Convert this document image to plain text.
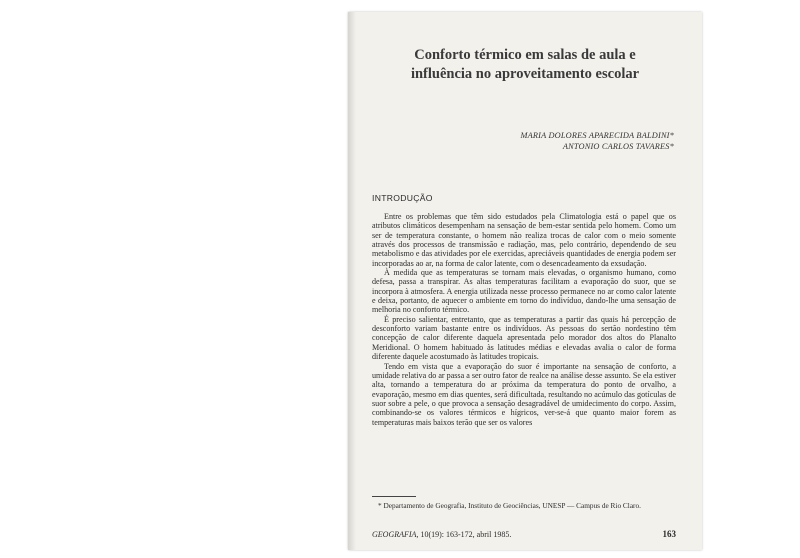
Conforto térmico em salas de aula e
influência no aproveitamento escolar
MARIA DOLORES APARECIDA BALDINI*
ANTONIO CARLOS TAVARES*
INTRODUÇÃO

Entre os problemas que têm sido estudados pela Climatologia está o papel que os atributos climáticos desempenham na sensação de bem-estar sentida pelo homem. Como um ser de temperatura constante, o homem não realiza trocas de calor com o meio somente através dos processos de transmissão e radiação, mas, pelo contrário, dependendo de seu metabolismo e das atividades por ele exercidas, apreciáveis quantidades de energia podem ser incorporadas ao ar, na forma de calor latente, com o desencadeamento da exsudação.

À medida que as temperaturas se tornam mais elevadas, o organismo humano, como defesa, passa a transpirar. As altas temperaturas facilitam a evaporação do suor, que se incorpora à atmosfera. A energia utilizada nesse processo permanece no ar como calor latente e deixa, portanto, de aquecer o ambiente em torno do indivíduo, dando-lhe uma sensação de melhoria no conforto térmico.

É preciso salientar, entretanto, que as temperaturas a partir das quais há percepção de desconforto variam bastante entre os indivíduos. As pessoas do sertão nordestino têm concepção de calor diferente daquela apresentada pelo morador dos altos do Planalto Meridional. O homem habituado às latitudes médias e elevadas avalia o calor de forma diferente daquele acostumado às latitudes tropicais.

Tendo em vista que a evaporação do suor é importante na sensação de conforto, a umidade relativa do ar passa a ser outro fator de realce na análise desse assunto. Se ela estiver alta, tornando a temperatura do ar próxima da temperatura do ponto de orvalho, a evaporação, mesmo em dias quentes, será dificultada, resultando no acúmulo das gotículas de suor sobre a pele, o que provoca a sensação desagradável de umidecimento do corpo. Assim, combinando-se os valores térmicos e hígricos, ver-se-á que quanto maior forem as temperaturas mais baixos terão que ser os valores

* Departamento de Geografia, Instituto de Geociências, UNESP — Campus de Rio Claro.
GEOGRAFIA, 10(19): 163-172, abril 1985.	163
